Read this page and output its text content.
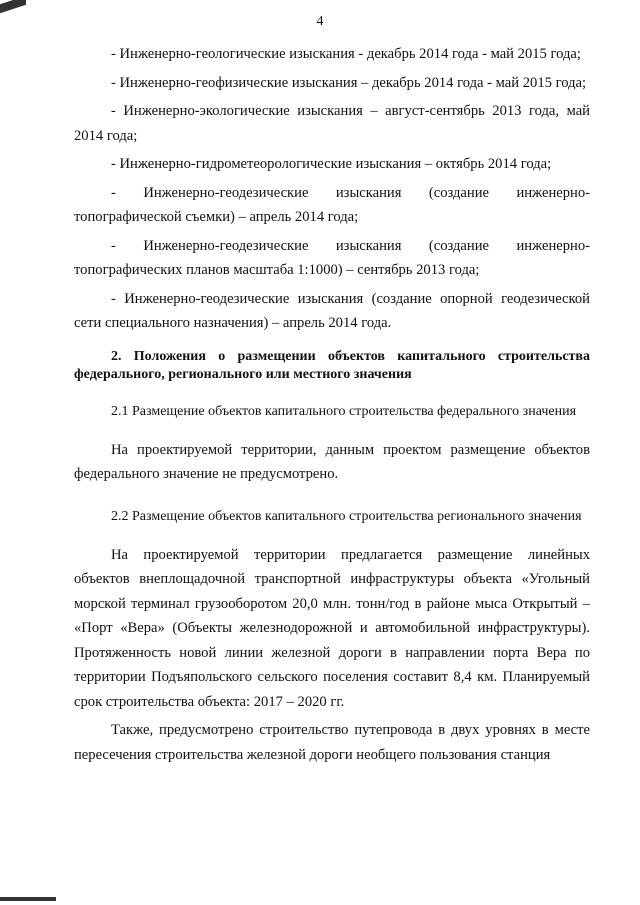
4

- Инженерно-геологические изыскания - декабрь 2014 года - май 2015 года;

- Инженерно-геофизические изыскания – декабрь 2014 года - май 2015 года;

- Инженерно-экологические изыскания – август-сентябрь 2013 года, май 2014 года;

- Инженерно-гидрометеорологические изыскания – октябрь 2014 года;

- Инженерно-геодезические изыскания (создание инженерно-топографической съемки) – апрель 2014 года;

- Инженерно-геодезические изыскания (создание инженерно-топографических планов масштаба 1:1000) – сентябрь 2013 года;

- Инженерно-геодезические изыскания (создание опорной геодезической сети специального назначения) – апрель 2014 года.

2. Положения о размещении объектов капитального строительства федерального, регионального или местного значения

2.1 Размещение объектов капитального строительства федерального значения

На проектируемой территории, данным проектом размещение объектов федерального значение не предусмотрено.

2.2 Размещение объектов капитального строительства регионального значения

На проектируемой территории предлагается размещение линейных объектов внеплощадочной транспортной инфраструктуры объекта «Угольный морской терминал грузооборотом 20,0 млн. тонн/год в районе мыса Открытый – «Порт «Вера» (Объекты железнодорожной и автомобильной инфраструктуры). Протяженность новой линии железной дороги в направлении порта Вера по территории Подъяпольского сельского поселения составит 8,4 км. Планируемый срок строительства объекта: 2017 – 2020 гг.

Также, предусмотрено строительство путепровода в двух уровнях в месте пересечения строительства железной дороги необщего пользования станция
